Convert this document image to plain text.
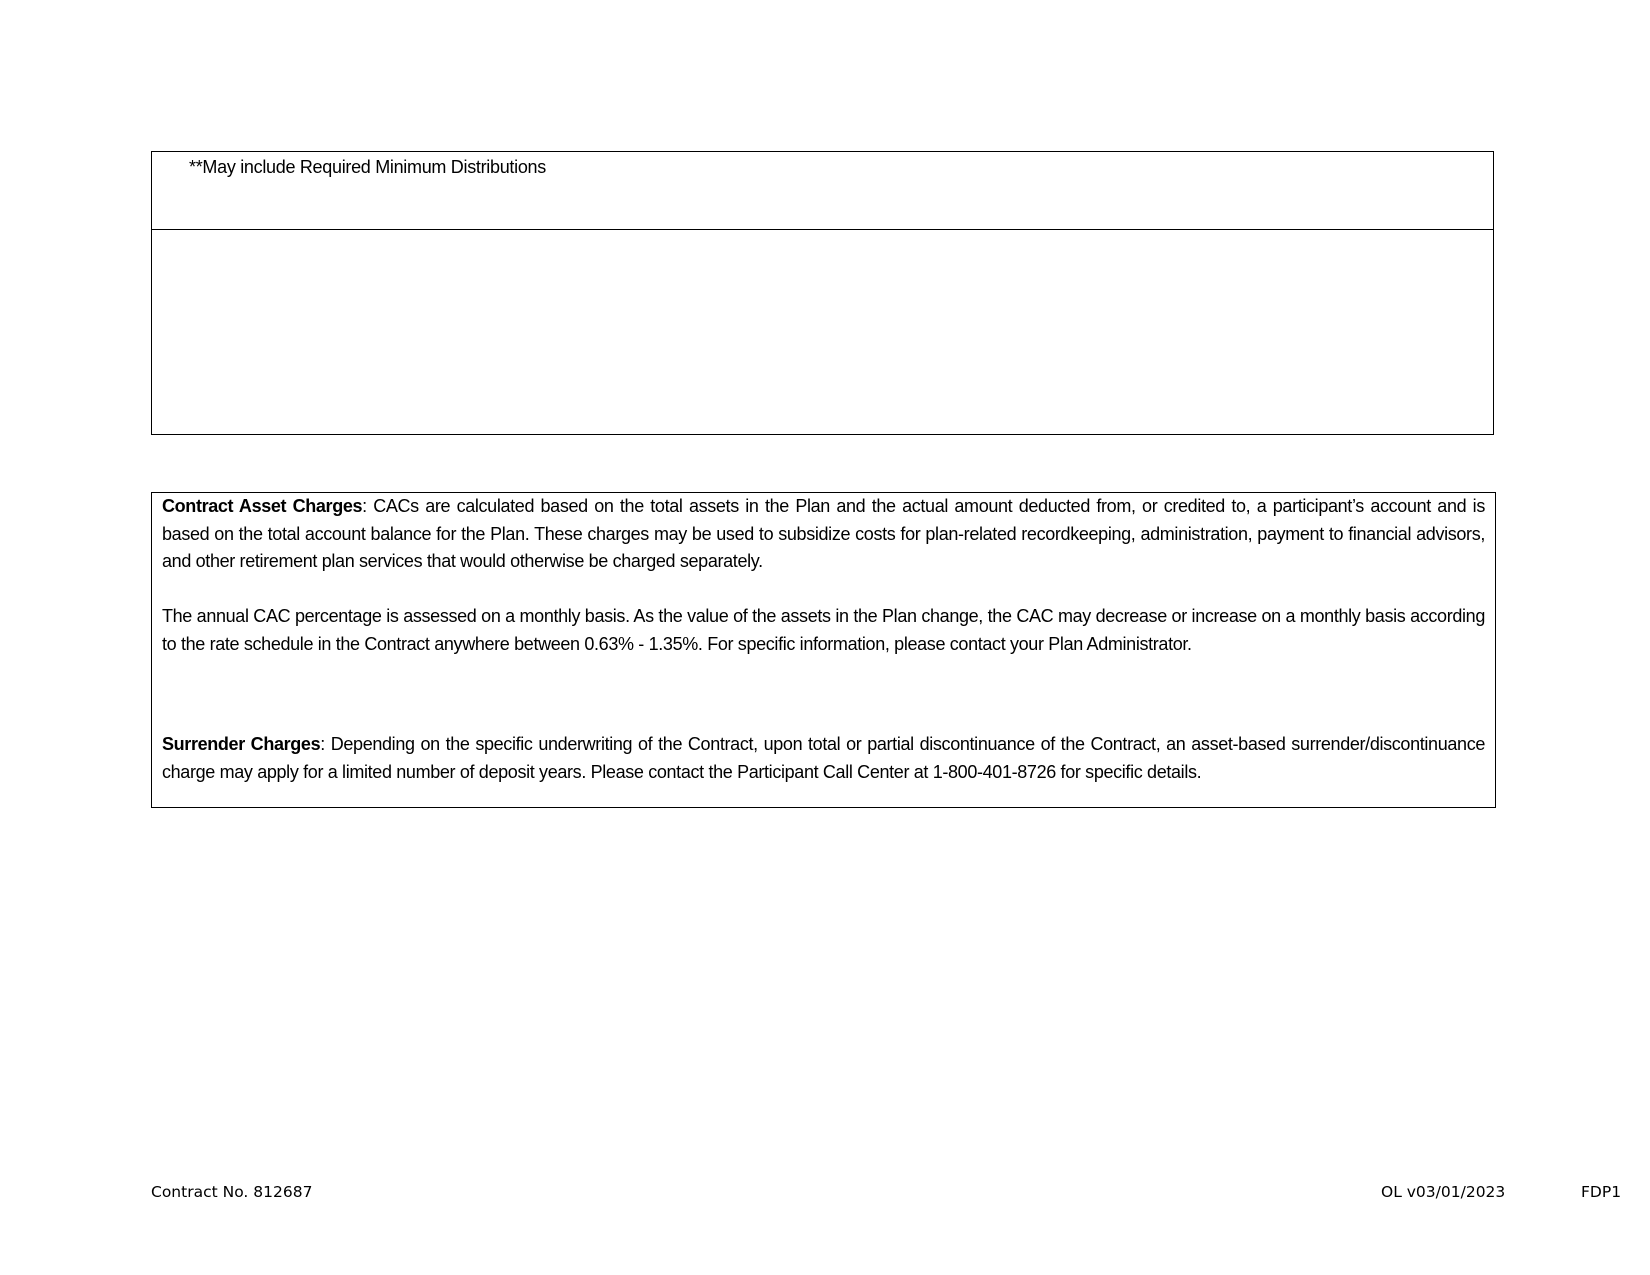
**May include Required Minimum Distributions

Contract Asset Charges: CACs are calculated based on the total assets in the Plan and the actual amount deducted from, or credited to, a participant’s account and is based on the total account balance for the Plan. These charges may be used to subsidize costs for plan-related recordkeeping, administration, payment to financial advisors, and other retirement plan services that would otherwise be charged separately.

The annual CAC percentage is assessed on a monthly basis. As the value of the assets in the Plan change, the CAC may decrease or increase on a monthly basis according to the rate schedule in the Contract anywhere between 0.63% - 1.35%. For specific information, please contact your Plan Administrator.

Surrender Charges: Depending on the specific underwriting of the Contract, upon total or partial discontinuance of the Contract, an asset-based surrender/discontinuance charge may apply for a limited number of deposit years. Please contact the Participant Call Center at 1-800-401-8726 for specific details.

Contract No. 812687	OL v03/01/2023	FDP1
